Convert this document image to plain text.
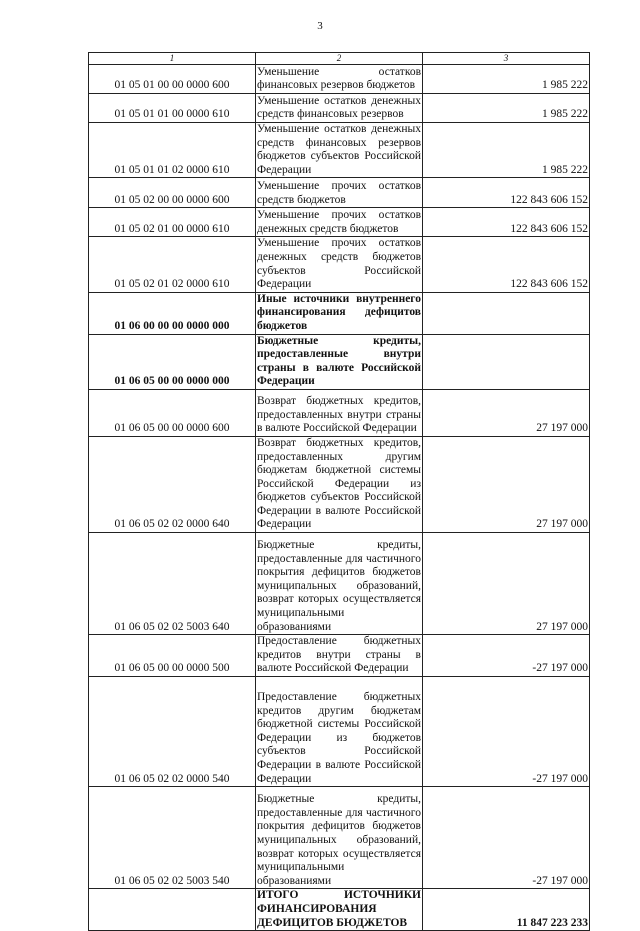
3
1	2	3
01 05 01 00 00 0000 600	Уменьшение остатков финансовых резервов бюджетов	1 985 222
01 05 01 01 00 0000 610	Уменьшение остатков денежных средств финансовых резервов	1 985 222
01 05 01 01 02 0000 610	Уменьшение остатков денежных средств финансовых резервов бюджетов субъектов Российской Федерации	1 985 222
01 05 02 00 00 0000 600	Уменьшение прочих остатков средств бюджетов	122 843 606 152
01 05 02 01 00 0000 610	Уменьшение прочих остатков денежных средств бюджетов	122 843 606 152
01 05 02 01 02 0000 610	Уменьшение прочих остатков денежных средств бюджетов субъектов Российской Федерации	122 843 606 152
01 06 00 00 00 0000 000	Иные источники внутреннего финансирования дефицитов бюджетов	
01 06 05 00 00 0000 000	Бюджетные кредиты, предоставленные внутри страны в валюте Российской Федерации	
01 06 05 00 00 0000 600	Возврат бюджетных кредитов, предоставленных внутри страны в валюте Российской Федерации	27 197 000
01 06 05 02 02 0000 640	Возврат бюджетных кредитов, предоставленных другим бюджетам бюджетной системы Российской Федерации из бюджетов субъектов Российской Федерации в валюте Российской Федерации	27 197 000
01 06 05 02 02 5003 640	Бюджетные кредиты, предоставленные для частичного покрытия дефицитов бюджетов муниципальных образований, возврат которых осуществляется муниципальными образованиями	27 197 000
01 06 05 00 00 0000 500	Предоставление бюджетных кредитов внутри страны в валюте Российской Федерации	-27 197 000
01 06 05 02 02 0000 540	Предоставление бюджетных кредитов другим бюджетам бюджетной системы Российской Федерации из бюджетов субъектов Российской Федерации в валюте Российской Федерации	-27 197 000
01 06 05 02 02 5003 540	Бюджетные кредиты, предоставленные для частичного покрытия дефицитов бюджетов муниципальных образований, возврат которых осуществляется муниципальными образованиями	-27 197 000
	ИТОГО ИСТОЧНИКИ ФИНАНСИРОВАНИЯ ДЕФИЦИТОВ БЮДЖЕТОВ	11 847 223 233
